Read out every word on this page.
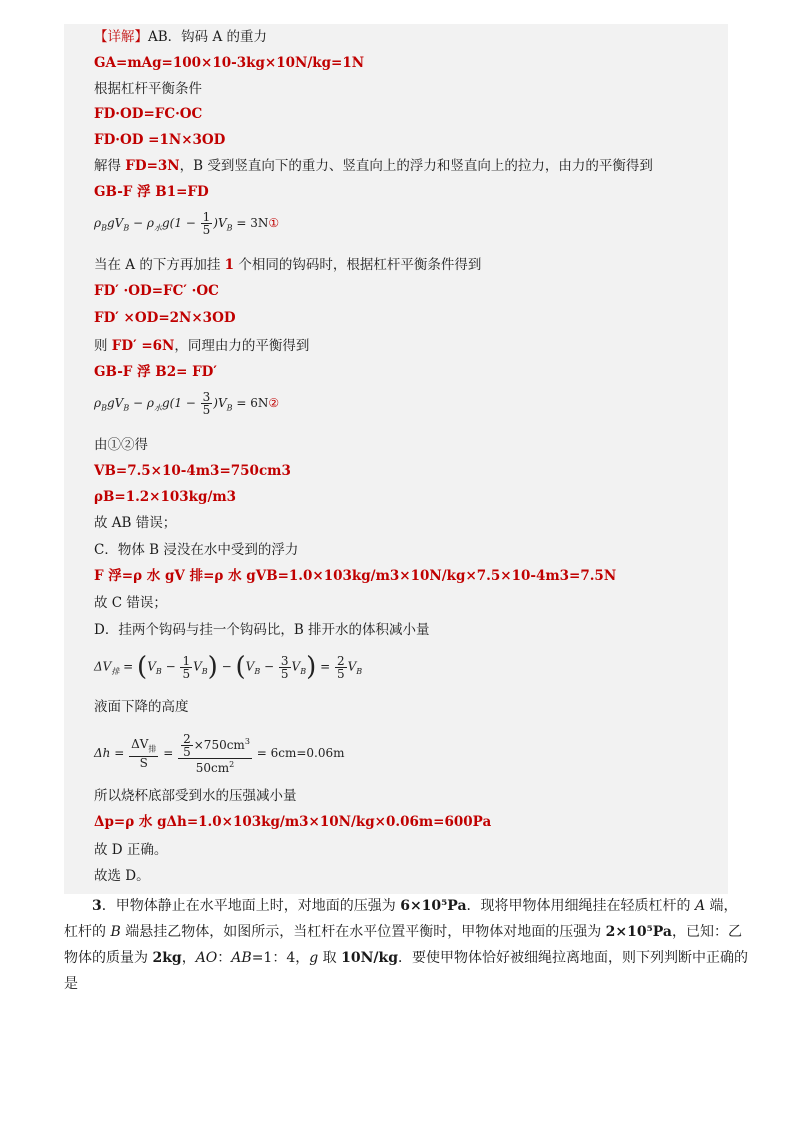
【详解】AB．钩码 A 的重力
GA=mAg=100×10-3kg×10N/kg=1N
根据杠杆平衡条件
FD·OD=FC·OC
FD·OD =1N×3OD
解得 FD=3N，B 受到竖直向下的重力、竖直向上的浮力和竖直向上的拉力，由力的平衡得到
GB-F 浮 B1=FD
$\rho_BgV_B - \rho_水g(1 - \frac{1}{5} )V_B$ = 3N①
当在 A 的下方再加挂 1 个相同的钩码时，根据杠杆平衡条件得到
FD′ ·OD=FC′ ·OC
FD′ ×OD=2N×3OD
则 FD′ =6N，同理由力的平衡得到
GB-F 浮 B2= FD′
$\rho_BgV_B - \rho_水g(1 - \frac{3}{5} )V_B$ = 6N②
由①②得
VB=7.5×10-4m3=750cm3
ρB=1.2×103kg/m3
故 AB 错误；
C．物体 B 浸没在水中受到的浮力
F 浮=ρ 水 gV 排=ρ 水 gVB=1.0×103kg/m3×10N/kg×7.5×10-4m3=7.5N
故 C 错误；
D．挂两个钩码与挂一个钩码比，B 排开水的体积减小量
$\Delta V_排 = (V_B - \frac{1}{5} V_B) - (V_B - \frac{3}{5} V_B) = \frac{2}{5} V_B$
液面下降的高度
$\Delta h = \frac{\Delta V_排}{S} = \frac{\frac{2}{5} \times 750cm^3}{50cm^2} = 6cm=0.06m$
所以烧杯底部受到水的压强减小量
Δp=ρ 水 gΔh=1.0×103kg/m3×10N/kg×0.06m=600Pa
故 D 正确。
故选 D。
3．甲物体静止在水平地面上时，对地面的压强为 6×10⁵Pa．现将甲物体用细绳挂在轻质杠杆的 A 端，
杠杆的 B 端悬挂乙物体，如图所示，当杠杆在水平位置平衡时，甲物体对地面的压强为 2×10⁵Pa，已知：乙
物体的质量为 2kg，AO：AB=1：4，g 取 10N/kg．要使甲物体恰好被细绳拉离地面，则下列判断中正确的
是
